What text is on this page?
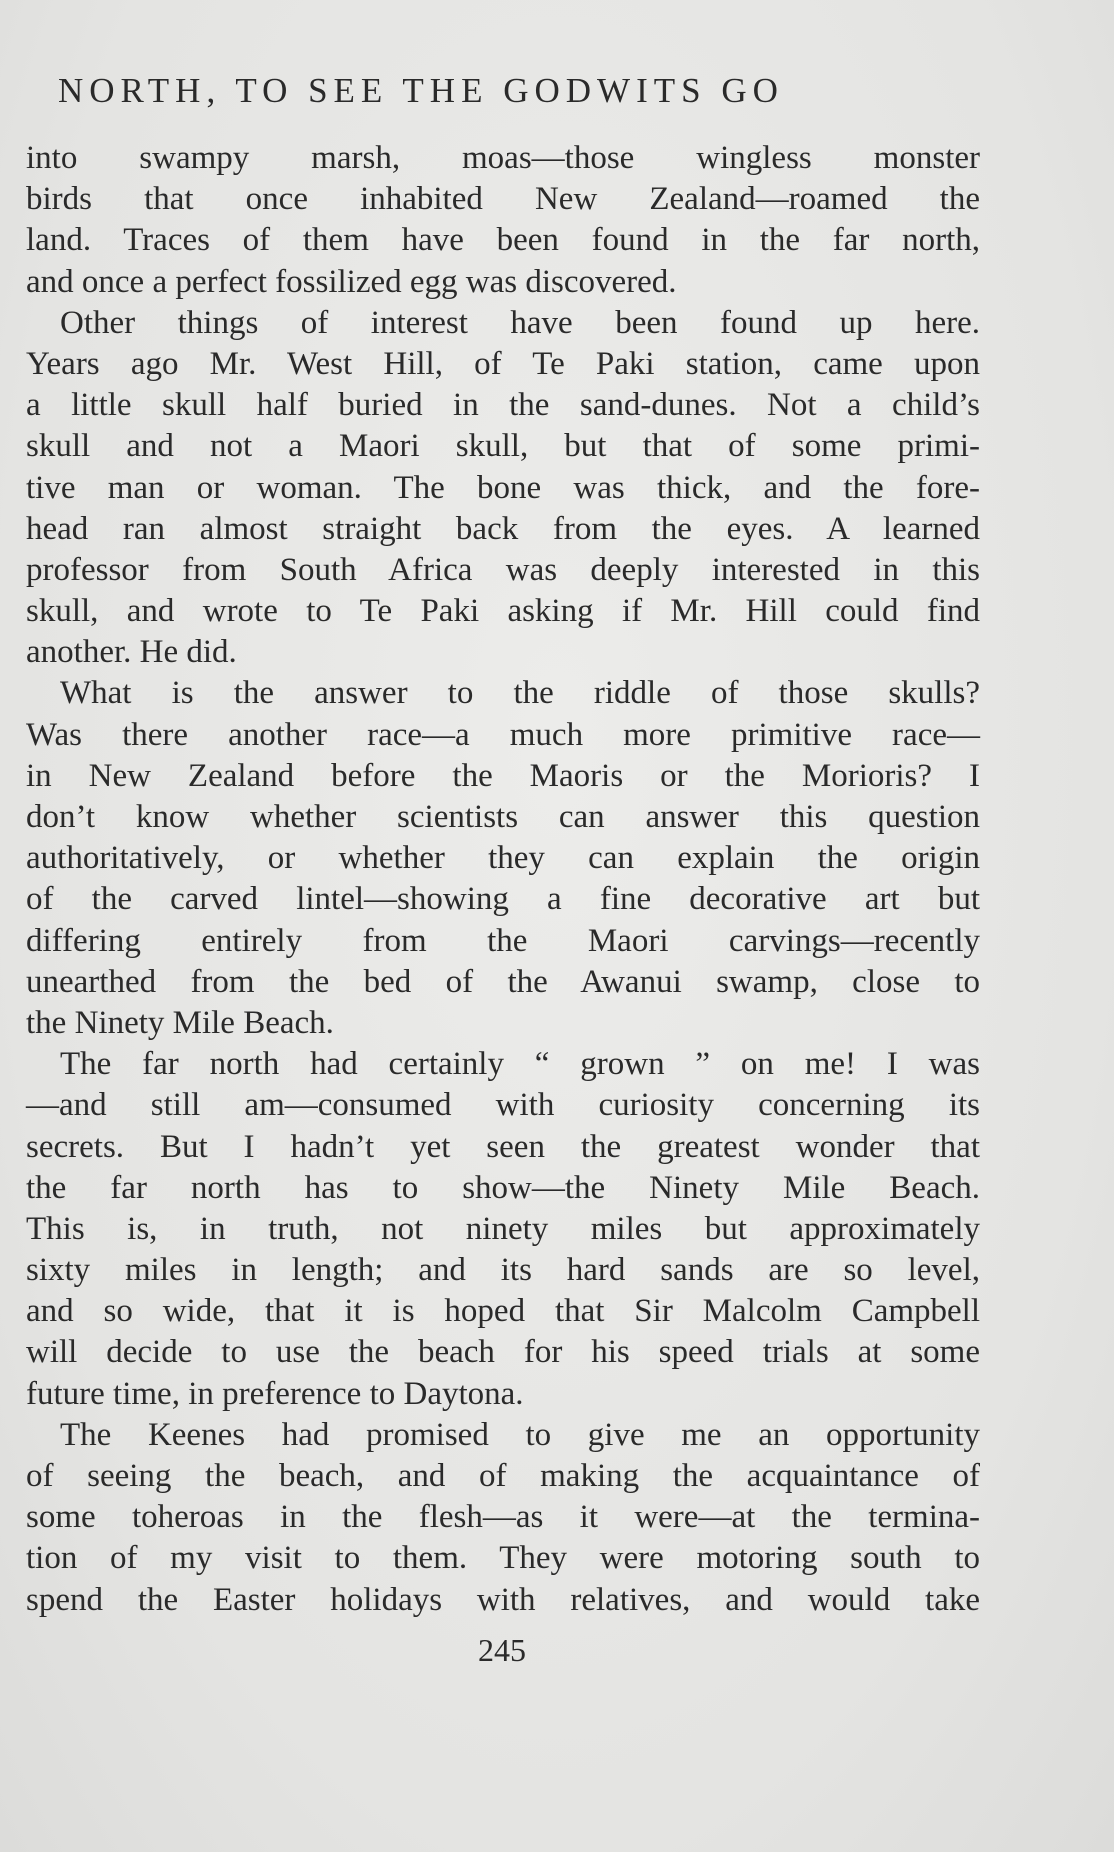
NORTH, TO SEE THE GODWITS GO
into swampy marsh, moas—those wingless monster
birds that once inhabited New Zealand—roamed the
land. Traces of them have been found in the far north,
and once a perfect fossilized egg was discovered.
Other things of interest have been found up here.
Years ago Mr. West Hill, of Te Paki station, came upon
a little skull half buried in the sand-dunes. Not a child’s
skull and not a Maori skull, but that of some primi-
tive man or woman. The bone was thick, and the fore-
head ran almost straight back from the eyes. A learned
professor from South Africa was deeply interested in this
skull, and wrote to Te Paki asking if Mr. Hill could find
another. He did.
What is the answer to the riddle of those skulls?
Was there another race—a much more primitive race—
in New Zealand before the Maoris or the Morioris? I
don’t know whether scientists can answer this question
authoritatively, or whether they can explain the origin
of the carved lintel—showing a fine decorative art but
differing entirely from the Maori carvings—recently
unearthed from the bed of the Awanui swamp, close to
the Ninety Mile Beach.
The far north had certainly “ grown ” on me! I was
—and still am—consumed with curiosity concerning its
secrets. But I hadn’t yet seen the greatest wonder that
the far north has to show—the Ninety Mile Beach.
This is, in truth, not ninety miles but approximately
sixty miles in length; and its hard sands are so level,
and so wide, that it is hoped that Sir Malcolm Campbell
will decide to use the beach for his speed trials at some
future time, in preference to Daytona.
The Keenes had promised to give me an opportunity
of seeing the beach, and of making the acquaintance of
some toheroas in the flesh—as it were—at the termina-
tion of my visit to them. They were motoring south to
spend the Easter holidays with relatives, and would take
245
